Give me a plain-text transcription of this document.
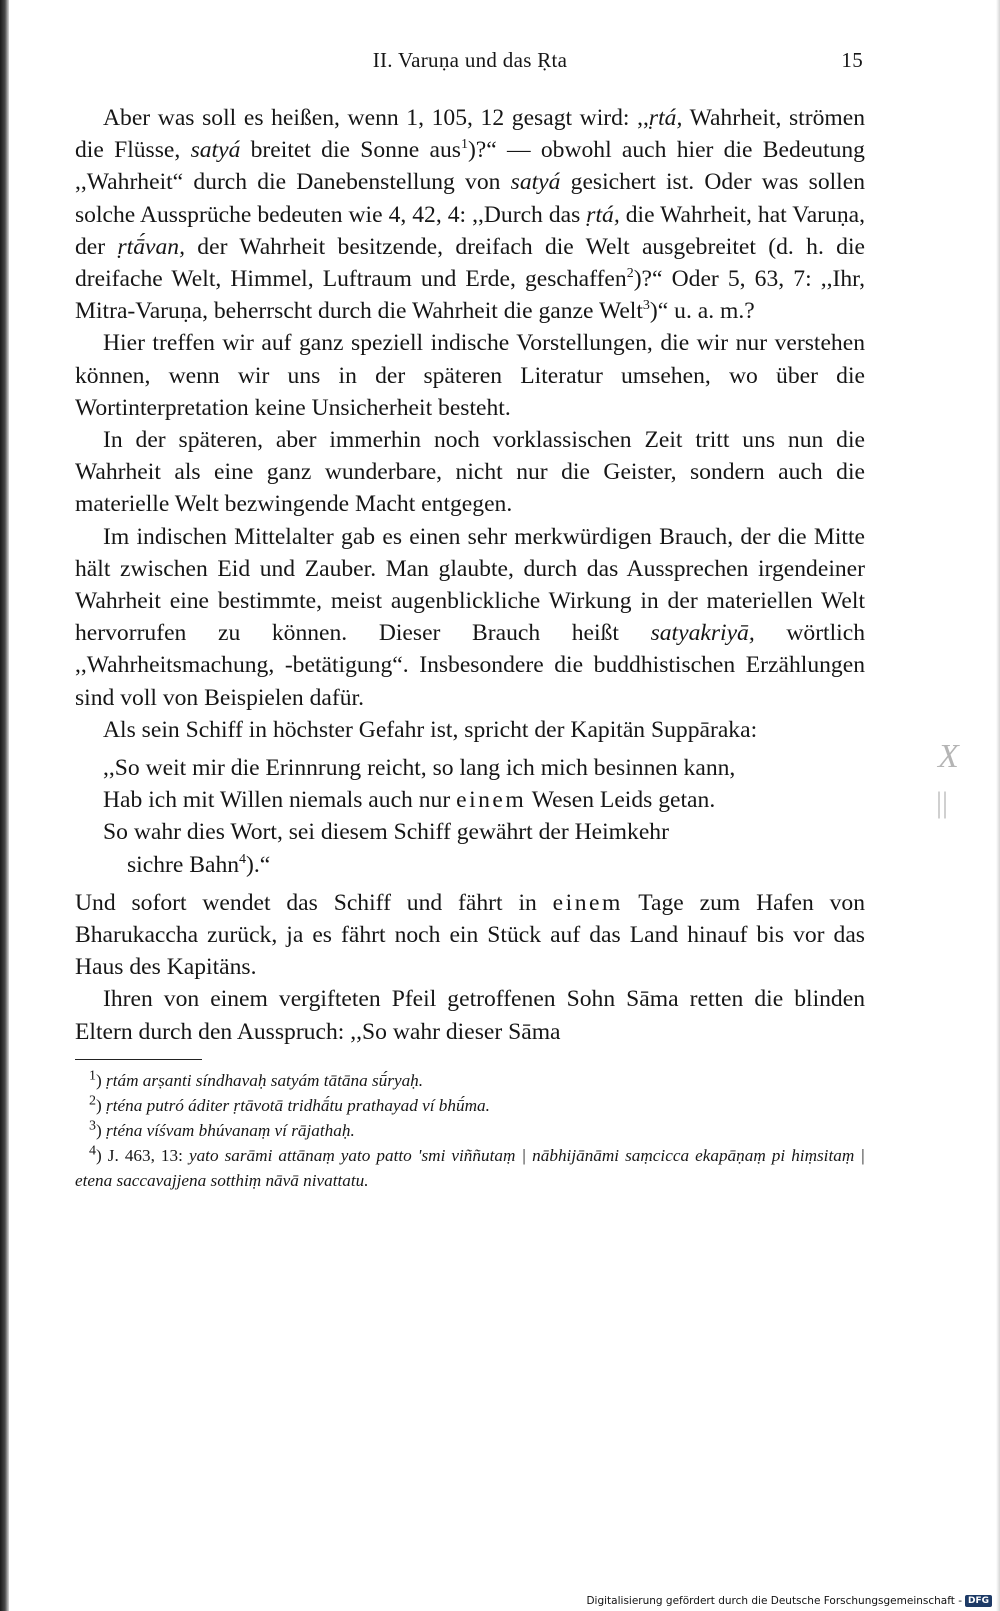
II. Varuṇa und das Ṛta	15

Aber was soll es heißen, wenn 1, 105, 12 gesagt wird: ,,ṛtá, Wahrheit, strömen die Flüsse, satyá breitet die Sonne aus$^1$)?“ — obwohl auch hier die Bedeutung ,,Wahrheit“ durch die Danebenstellung von satyá gesichert ist. Oder was sollen solche Aussprüche bedeuten wie 4, 42, 4: ,,Durch das ṛtá, die Wahrheit, hat Varuṇa, der ṛtā́van, der Wahrheit besitzende, dreifach die Welt ausgebreitet (d. h. die dreifache Welt, Himmel, Luftraum und Erde, geschaffen$^2$)?“ Oder 5, 63, 7: ,,Ihr, Mitra-Varuṇa, beherrscht durch die Wahrheit die ganze Welt$^3$)“ u. a. m.?

Hier treffen wir auf ganz speziell indische Vorstellungen, die wir nur verstehen können, wenn wir uns in der späteren Literatur umsehen, wo über die Wortinterpretation keine Unsicherheit besteht.

In der späteren, aber immerhin noch vorklassischen Zeit tritt uns nun die Wahrheit als eine ganz wunderbare, nicht nur die Geister, sondern auch die materielle Welt bezwingende Macht entgegen.

Im indischen Mittelalter gab es einen sehr merkwürdigen Brauch, der die Mitte hält zwischen Eid und Zauber. Man glaubte, durch das Aussprechen irgendeiner Wahrheit eine bestimmte, meist augenblickliche Wirkung in der materiellen Welt hervorrufen zu können. Dieser Brauch heißt satyakriyā, wörtlich ,,Wahrheitsmachung, -betätigung“. Insbesondere die buddhistischen Erzählungen sind voll von Beispielen dafür.

Als sein Schiff in höchster Gefahr ist, spricht der Kapitän Suppāraka:

,,So weit mir die Erinnrung reicht, so lang ich mich besinnen kann,
Hab ich mit Willen niemals auch nur einem Wesen Leids getan.
So wahr dies Wort, sei diesem Schiff gewährt der Heimkehr
sichre Bahn$^4$).“

Und sofort wendet das Schiff und fährt in einem Tage zum Hafen von Bharukaccha zurück, ja es fährt noch ein Stück auf das Land hinauf bis vor das Haus des Kapitäns.

Ihren von einem vergifteten Pfeil getroffenen Sohn Sāma retten die blinden Eltern durch den Ausspruch: ,,So wahr dieser Sāma

$^1$) ṛtám arṣanti síndhavaḥ satyám tātāna sū́ryaḥ.

$^2$) ṛténa putró áditer ṛtāvotā tridhā́tu prathayad ví bhū́ma.

$^3$) ṛténa víśvam bhúvanaṃ ví rājathaḥ.

$^4$) J. 463, 13: yato sarāmi attānaṃ yato patto 'smi viññutaṃ | nābhijānāmi saṃcicca ekapāṇaṃ pi hiṃsitaṃ | etena saccavajjena sotthiṃ nāvā nivattatu.

X
||
Digitalisierung gefördert durch die Deutsche Forschungsgemeinschaft - DFG
